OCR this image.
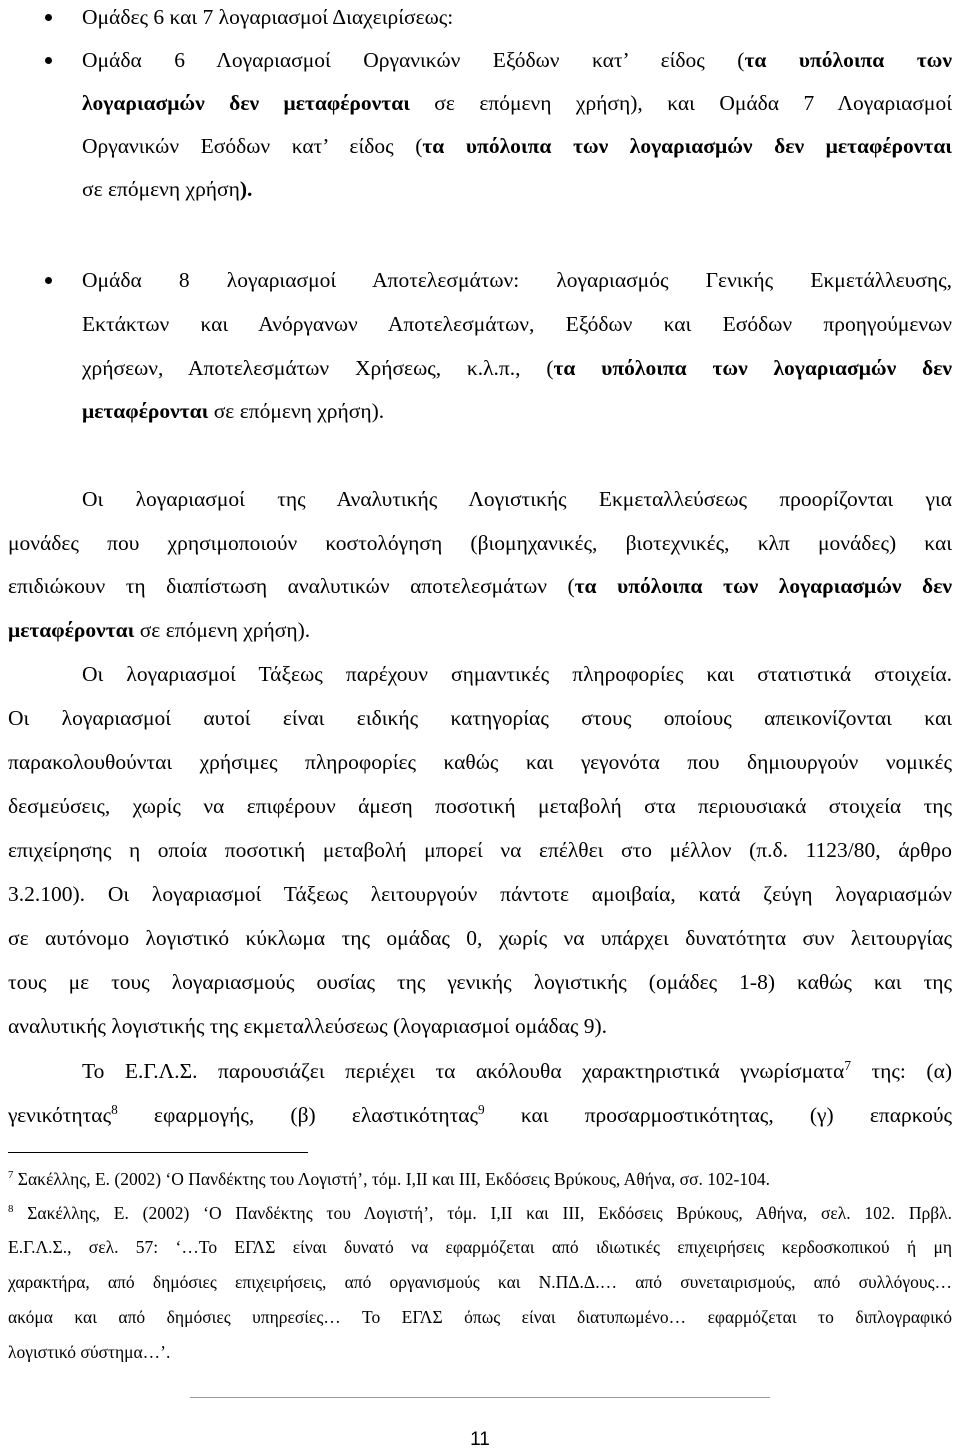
Ομάδες 6 και 7 λογαριασμοί Διαχειρίσεως:
Ομάδα 6 Λογαριασμοί Οργανικών Εξόδων κατ’ είδος (τα υπόλοιπα των
λογαριασμών δεν μεταφέρονται σε επόμενη χρήση), και Ομάδα 7 Λογαριασμοί
Οργανικών Εσόδων κατ’ είδος (τα υπόλοιπα των λογαριασμών δεν μεταφέρονται
σε επόμενη χρήση).
Ομάδα 8 λογαριασμοί Αποτελεσμάτων: λογαριασμός Γενικής Εκμετάλλευσης,
Εκτάκτων και Ανόργανων Αποτελεσμάτων, Εξόδων και Εσόδων προηγούμενων
χρήσεων, Αποτελεσμάτων Χρήσεως, κ.λ.π., (τα υπόλοιπα των λογαριασμών δεν
μεταφέρονται σε επόμενη χρήση).
Οι λογαριασμοί της Αναλυτικής Λογιστικής Εκμεταλλεύσεως προορίζονται για
μονάδες που χρησιμοποιούν κοστολόγηση (βιομηχανικές, βιοτεχνικές, κλπ μονάδες) και
επιδιώκουν τη διαπίστωση αναλυτικών αποτελεσμάτων (τα υπόλοιπα των λογαριασμών δεν
μεταφέρονται σε επόμενη χρήση).
Οι λογαριασμοί Τάξεως παρέχουν σημαντικές πληροφορίες και στατιστικά στοιχεία.
Οι λογαριασμοί αυτοί είναι ειδικής κατηγορίας στους οποίους απεικονίζονται και
παρακολουθούνται χρήσιμες πληροφορίες καθώς και γεγονότα που δημιουργούν νομικές
δεσμεύσεις, χωρίς να επιφέρουν άμεση ποσοτική μεταβολή στα περιουσιακά στοιχεία της
επιχείρησης η οποία ποσοτική μεταβολή μπορεί να επέλθει στο μέλλον (π.δ. 1123/80, άρθρο
3.2.100). Οι λογαριασμοί Τάξεως λειτουργούν πάντοτε αμοιβαία, κατά ζεύγη λογαριασμών
σε αυτόνομο λογιστικό κύκλωμα της ομάδας 0, χωρίς να υπάρχει δυνατότητα συν λειτουργίας
τους με τους λογαριασμούς ουσίας της γενικής λογιστικής (ομάδες 1-8) καθώς και της
αναλυτικής λογιστικής της εκμεταλλεύσεως (λογαριασμοί ομάδας 9).
Το Ε.Γ.Λ.Σ. παρουσιάζει περιέχει τα ακόλουθα χαρακτηριστικά γνωρίσματα$^7$ της: (α)
γενικότητας$^8$ εφαρμογής, (β) ελαστικότητας$^9$ και προσαρμοστικότητας, (γ) επαρκούς
$^7$ Σακέλλης, Ε. (2002) ‘Ο Πανδέκτης του Λογιστή’, τόμ. Ι,ΙΙ και ΙΙΙ, Εκδόσεις Βρύκους, Αθήνα, σσ. 102-104.
$^8$ Σακέλλης, Ε. (2002) ‘Ο Πανδέκτης του Λογιστή’, τόμ. Ι,ΙΙ και ΙΙΙ, Εκδόσεις Βρύκους, Αθήνα, σελ. 102. Πρβλ.
Ε.Γ.Λ.Σ., σελ. 57: ‘…Το ΕΓΛΣ είναι δυνατό να εφαρμόζεται από ιδιωτικές επιχειρήσεις κερδοσκοπικού ή μη
χαρακτήρα, από δημόσιες επιχειρήσεις, από οργανισμούς και Ν.ΠΔ.Δ.… από συνεταιρισμούς, από συλλόγους…
ακόμα και από δημόσιες υπηρεσίες… Το ΕΓΛΣ όπως είναι διατυπωμένο… εφαρμόζεται το διπλογραφικό
λογιστικό σύστημα…’.
11
